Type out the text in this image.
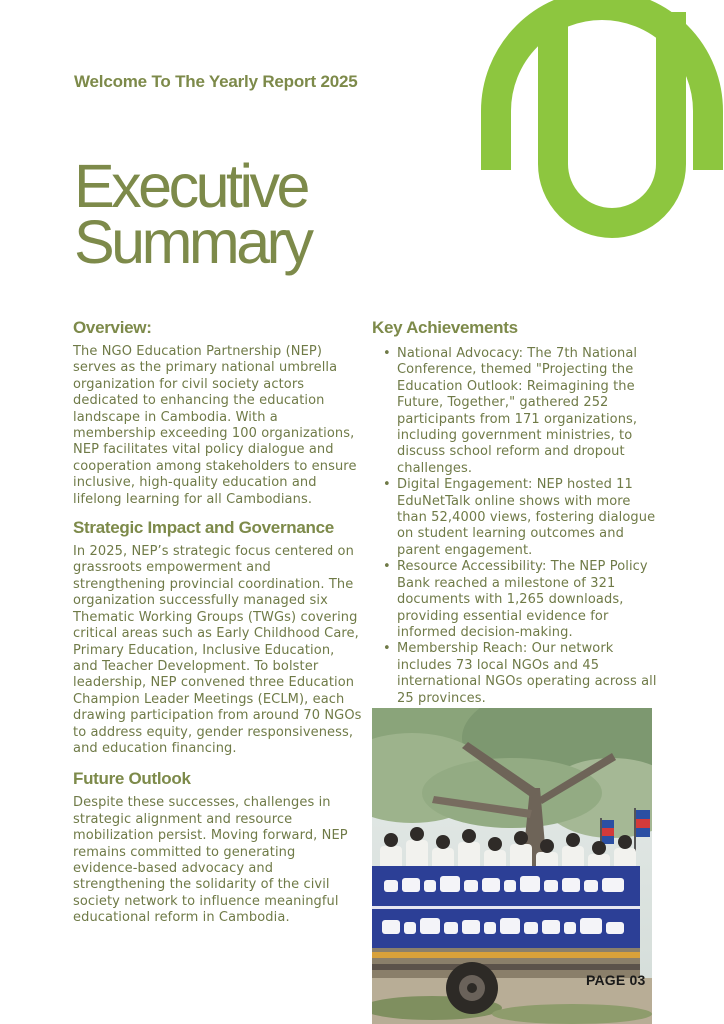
Welcome To The Yearly Report 2025
Executive
Summary
Overview:

The NGO Education Partnership (NEP) serves as the primary national umbrella organization for civil society actors dedicated to enhancing the education landscape in Cambodia. With a membership exceeding 100 organizations, NEP facilitates vital policy dialogue and cooperation among stakeholders to ensure inclusive, high-quality education and lifelong learning for all Cambodians.

Strategic Impact and Governance

In 2025, NEP’s strategic focus centered on grassroots empowerment and strengthening provincial coordination. The organization successfully managed six Thematic Working Groups (TWGs) covering critical areas such as Early Childhood Care, Primary Education, Inclusive Education, and Teacher Development. To bolster leadership, NEP convened three Education Champion Leader Meetings (ECLM), each drawing participation from around 70 NGOs to address equity, gender responsiveness, and education financing.

Future Outlook

Despite these successes, challenges in strategic alignment and resource mobilization persist. Moving forward, NEP remains committed to generating evidence-based advocacy and strengthening the solidarity of the civil society network to influence meaningful educational reform in Cambodia.

Key Achievements
• National Advocacy: The 7th National Conference, themed "Projecting the Education Outlook: Reimagining the Future, Together," gathered 252 participants from 171 organizations, including government ministries, to discuss school reform and dropout challenges.
• Digital Engagement: NEP hosted 11 EduNetTalk online shows with more than 52,4000 views, fostering dialogue on student learning outcomes and parent engagement.
• Resource Accessibility: The NEP Policy Bank reached a milestone of 321 documents with 1,265 downloads, providing essential evidence for informed decision-making.
• Membership Reach: Our network includes 73 local NGOs and 45 international NGOs operating across all 25 provinces.
PAGE 03
